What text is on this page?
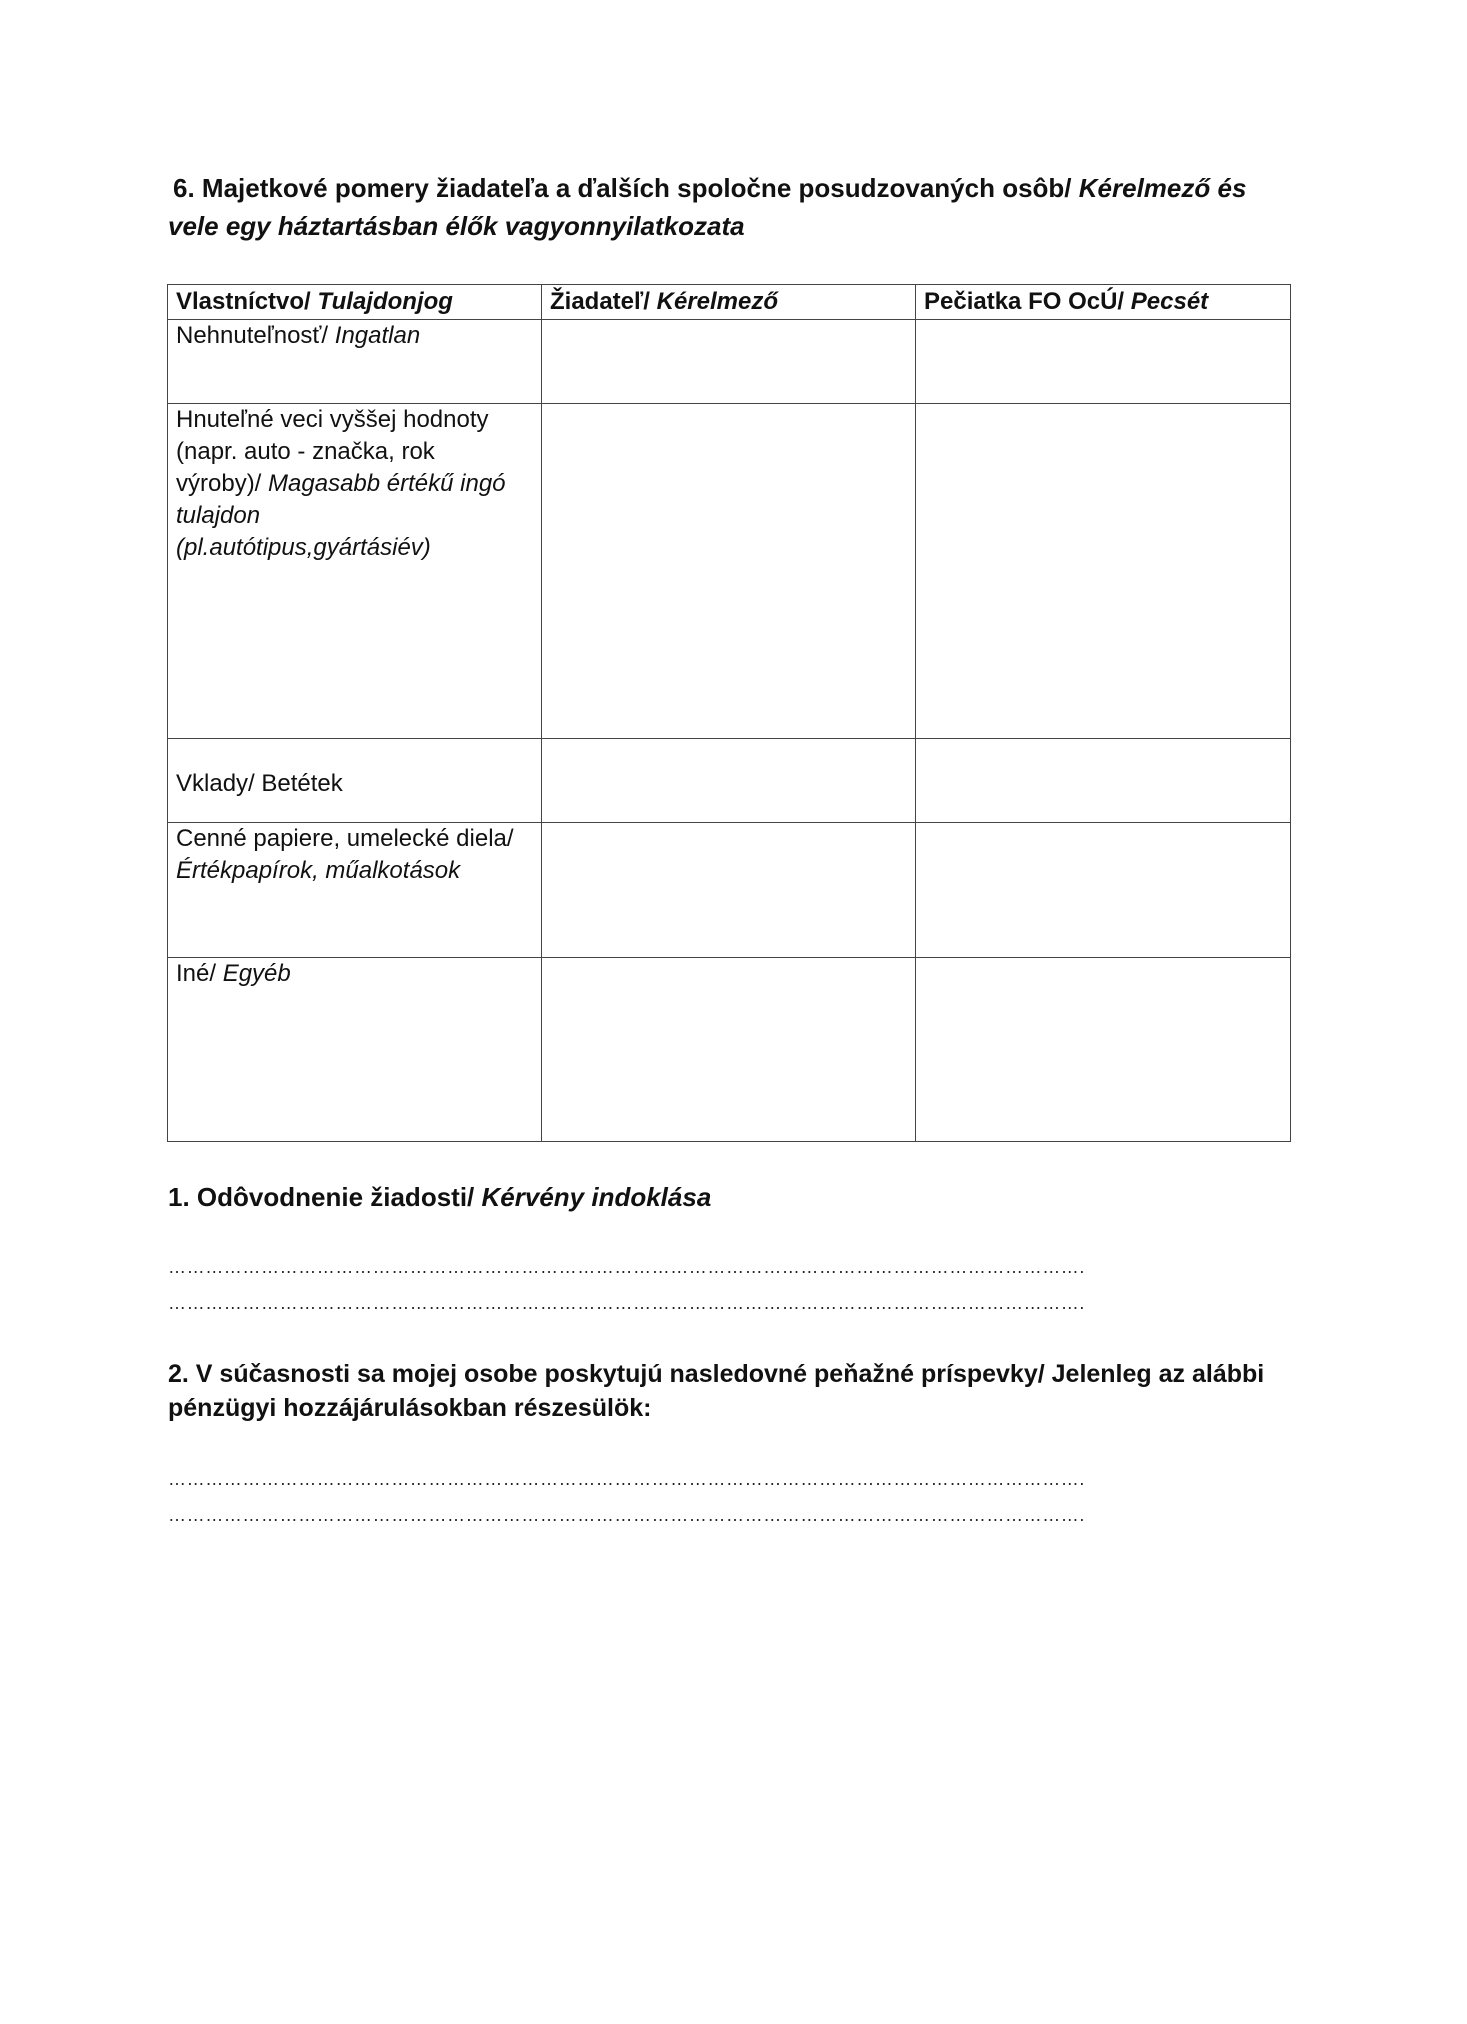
6. Majetkové pomery žiadateľa a ďalších spoločne posudzovaných osôb/ Kérelmező és
vele egy háztartásban élők vagyonnyilatkozata
Vlastníctvo/ Tulajdonjog	Žiadateľ/ Kérelmező	Pečiatka FO OcÚ/ Pecsét
Nehnuteľnosť/ Ingatlan		

Hnuteľné veci vyššej hodnoty
(napr. auto - značka, rok
výroby)/ Magasabb értékű ingó
tulajdon
(pl.autótipus,gyártásiév)		

Vklady/ Betétek		

Cenné papiere, umelecké diela/
Értékpapírok, műalkotások		

Iné/ Egyéb		
1. Odôvodnenie žiadosti/ Kérvény indoklása
………………………………………………………………………………………………………………………………….
………………………………………………………………………………………………………………………………….
2. V súčasnosti sa mojej osobe poskytujú nasledovné peňažné príspevky/ Jelenleg az alábbi
pénzügyi hozzájárulásokban részesülök:
………………………………………………………………………………………………………………………………….
………………………………………………………………………………………………………………………………….
